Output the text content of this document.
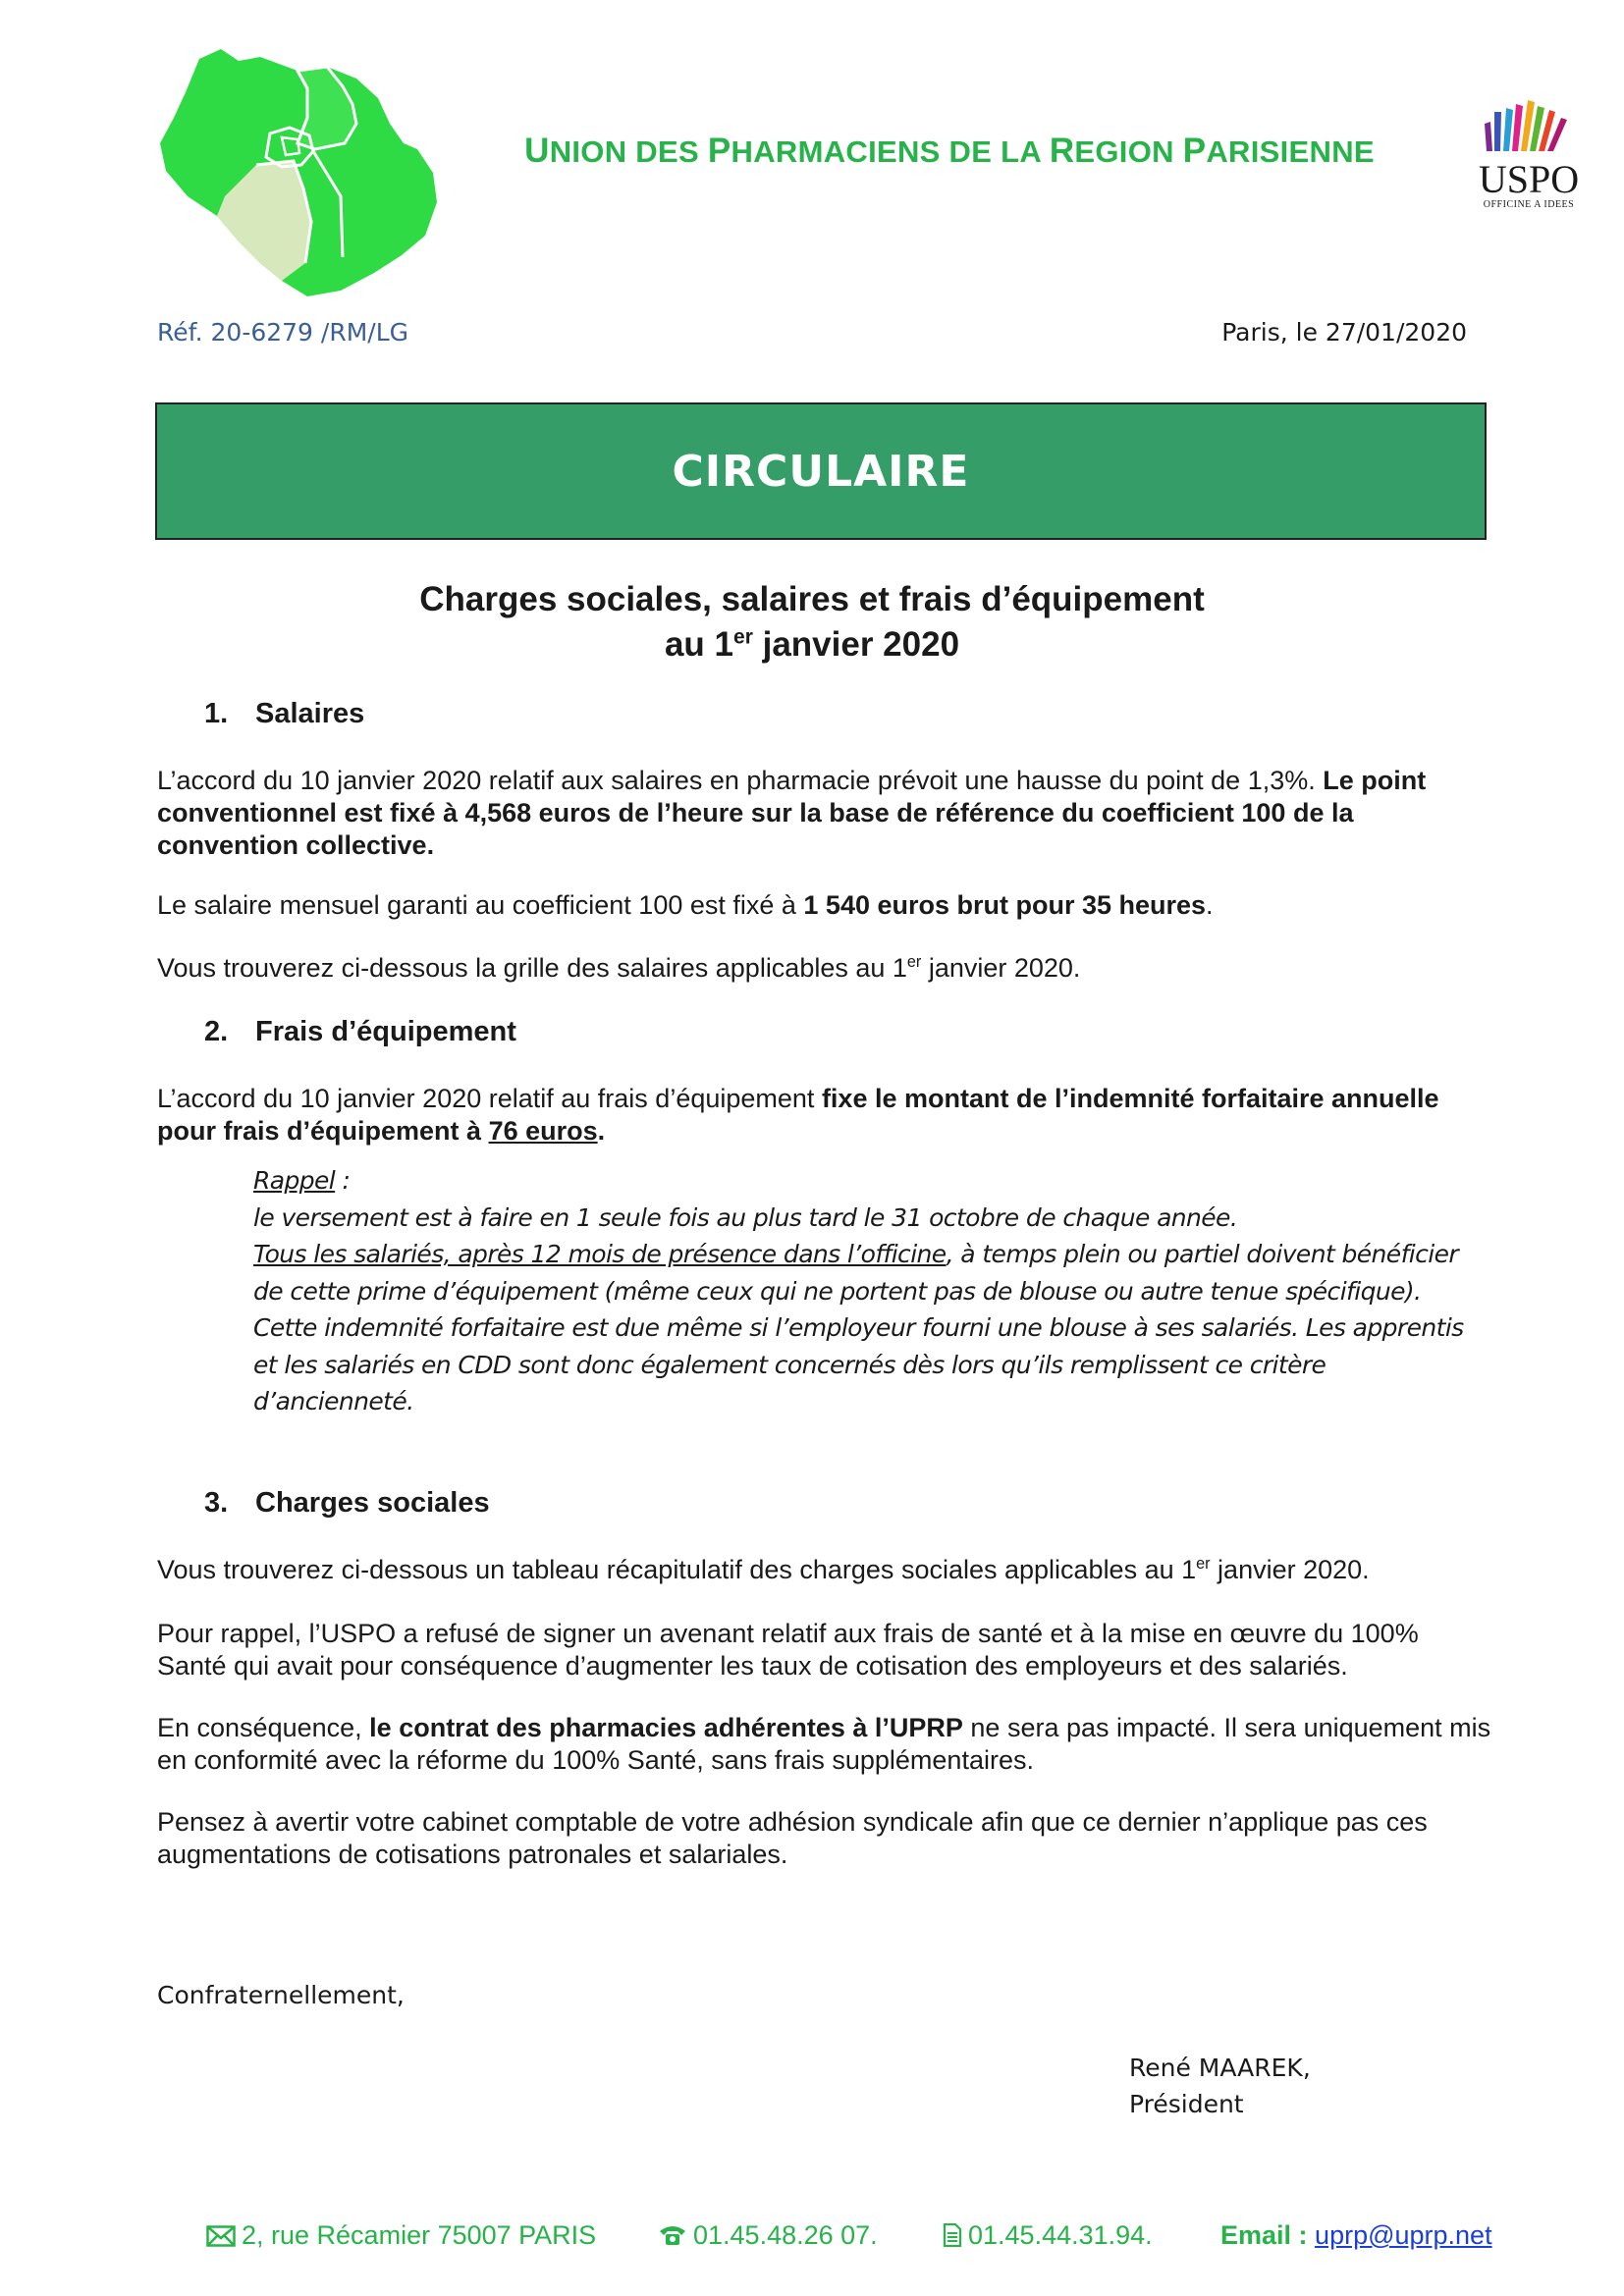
UNION DES PHARMACIENS DE LA REGION PARISIENNE
USPO
OFFICINE A IDEES
Réf. 20-6279 /RM/LG	Paris, le 27/01/2020
CIRCULAIRE
Charges sociales, salaires et frais d’équipement
au 1er janvier 2020
1. Salaires
L’accord du 10 janvier 2020 relatif aux salaires en pharmacie prévoit une hausse du point de 1,3%. Le point conventionnel est fixé à 4,568 euros de l’heure sur la base de référence du coefficient 100 de la convention collective.
Le salaire mensuel garanti au coefficient 100 est fixé à 1 540 euros brut pour 35 heures.
Vous trouverez ci-dessous la grille des salaires applicables au 1er janvier 2020.
2. Frais d’équipement
L’accord du 10 janvier 2020 relatif au frais d’équipement fixe le montant de l’indemnité forfaitaire annuelle pour frais d’équipement à 76 euros.
Rappel :
le versement est à faire en 1 seule fois au plus tard le 31 octobre de chaque année.
Tous les salariés, après 12 mois de présence dans l’officine, à temps plein ou partiel doivent bénéficier de cette prime d’équipement (même ceux qui ne portent pas de blouse ou autre tenue spécifique).
Cette indemnité forfaitaire est due même si l’employeur fourni une blouse à ses salariés. Les apprentis et les salariés en CDD sont donc également concernés dès lors qu’ils remplissent ce critère d’ancienneté.
3. Charges sociales
Vous trouverez ci-dessous un tableau récapitulatif des charges sociales applicables au 1er janvier 2020.
Pour rappel, l’USPO a refusé de signer un avenant relatif aux frais de santé et à la mise en œuvre du 100% Santé qui avait pour conséquence d’augmenter les taux de cotisation des employeurs et des salariés.
En conséquence, le contrat des pharmacies adhérentes à l’UPRP ne sera pas impacté. Il sera uniquement mis en conformité avec la réforme du 100% Santé, sans frais supplémentaires.
Pensez à avertir votre cabinet comptable de votre adhésion syndicale afin que ce dernier n’applique pas ces augmentations de cotisations patronales et salariales.
Confraternellement,
René MAAREK,
Président
2, rue Récamier 75007 PARIS	01.45.48.26 07.	01.45.44.31.94.	Email : uprp@uprp.net
